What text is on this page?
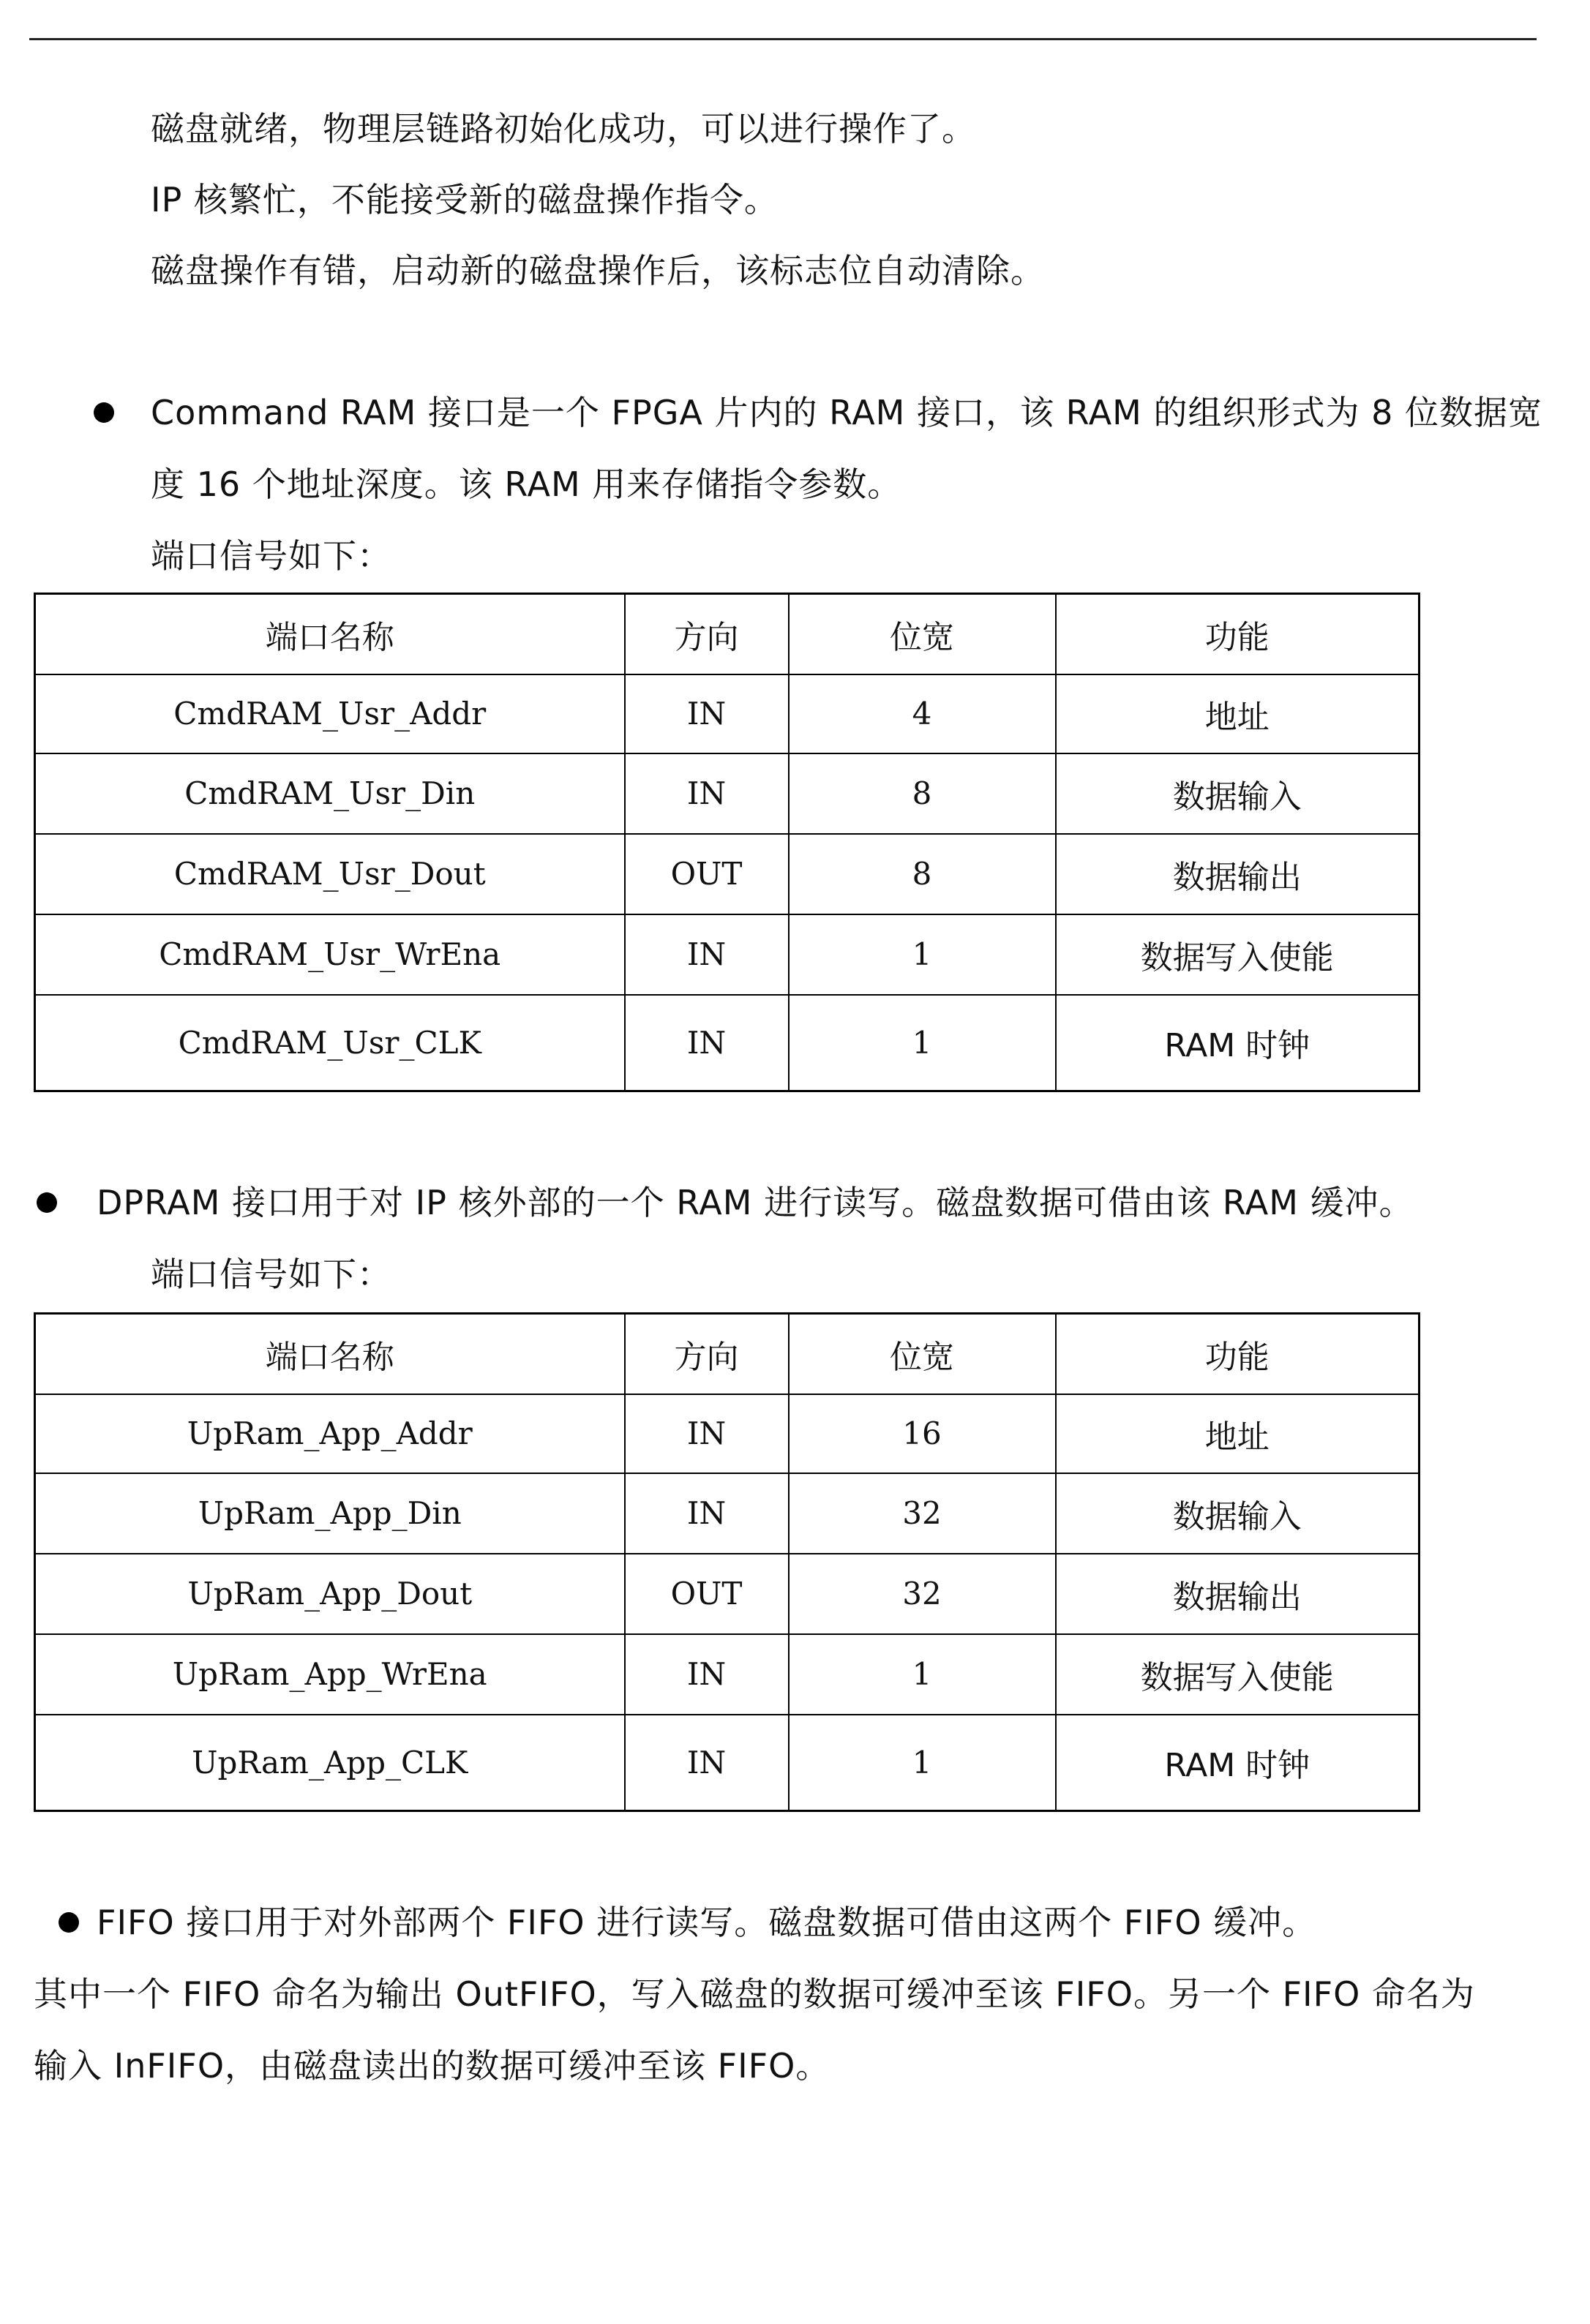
磁盘就绪，物理层链路初始化成功，可以进行操作了。
IP 核繁忙，不能接受新的磁盘操作指令。
磁盘操作有错，启动新的磁盘操作后，该标志位自动清除。
Command RAM 接口是一个 FPGA 片内的 RAM 接口，该 RAM 的组织形式为 8 位数据宽
度 16 个地址深度。该 RAM 用来存储指令参数。
端口信号如下：
端口名称	方向	位宽	功能
CmdRAM_Usr_Addr	IN	4	地址
CmdRAM_Usr_Din	IN	8	数据输入
CmdRAM_Usr_Dout	OUT	8	数据输出
CmdRAM_Usr_WrEna	IN	1	数据写入使能
CmdRAM_Usr_CLK	IN	1	RAM 时钟
DPRAM 接口用于对 IP 核外部的一个 RAM 进行读写。磁盘数据可借由该 RAM 缓冲。
端口信号如下：
端口名称	方向	位宽	功能
UpRam_App_Addr	IN	16	地址
UpRam_App_Din	IN	32	数据输入
UpRam_App_Dout	OUT	32	数据输出
UpRam_App_WrEna	IN	1	数据写入使能
UpRam_App_CLK	IN	1	RAM 时钟
FIFO 接口用于对外部两个 FIFO 进行读写。磁盘数据可借由这两个 FIFO 缓冲。
其中一个 FIFO 命名为输出 OutFIFO，写入磁盘的数据可缓冲至该 FIFO。另一个 FIFO 命名为
输入 InFIFO，由磁盘读出的数据可缓冲至该 FIFO。
